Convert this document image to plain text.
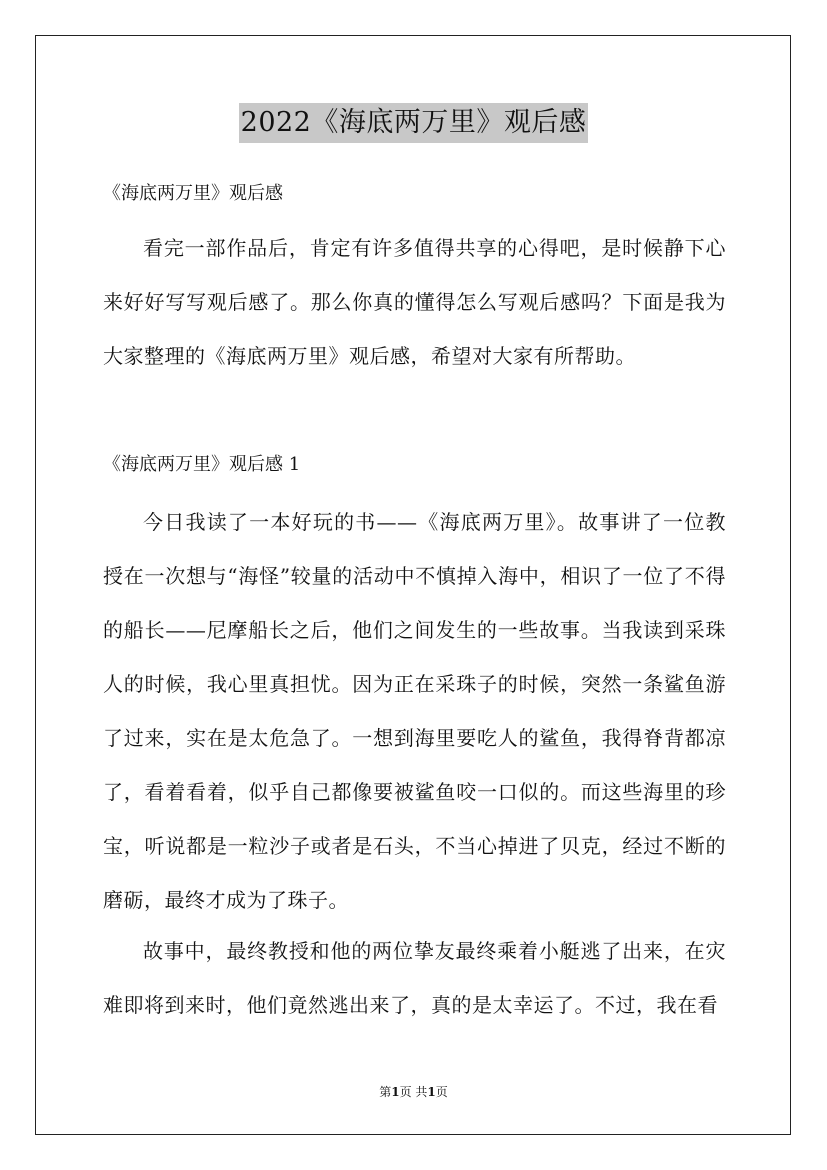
2022《海底两万里》观后感
《海底两万里》观后感

看完一部作品后，肯定有许多值得共享的心得吧，是时候静下心来好好写写观后感了。那么你真的懂得怎么写观后感吗？下面是我为大家整理的《海底两万里》观后感，希望对大家有所帮助。

《海底两万里》观后感 1

今日我读了一本好玩的书——《海底两万里》。故事讲了一位教授在一次想与“海怪”较量的活动中不慎掉入海中，相识了一位了不得的船长——尼摩船长之后，他们之间发生的一些故事。当我读到采珠人的时候，我心里真担忧。因为正在采珠子的时候，突然一条鲨鱼游了过来，实在是太危急了。一想到海里要吃人的鲨鱼，我得脊背都凉了，看着看着，似乎自己都像要被鲨鱼咬一口似的。而这些海里的珍宝，听说都是一粒沙子或者是石头，不当心掉进了贝克，经过不断的磨砺，最终才成为了珠子。

故事中，最终教授和他的两位挚友最终乘着小艇逃了出来，在灾难即将到来时，他们竟然逃出来了，真的是太幸运了。不过，我在看

第1页 共1页
